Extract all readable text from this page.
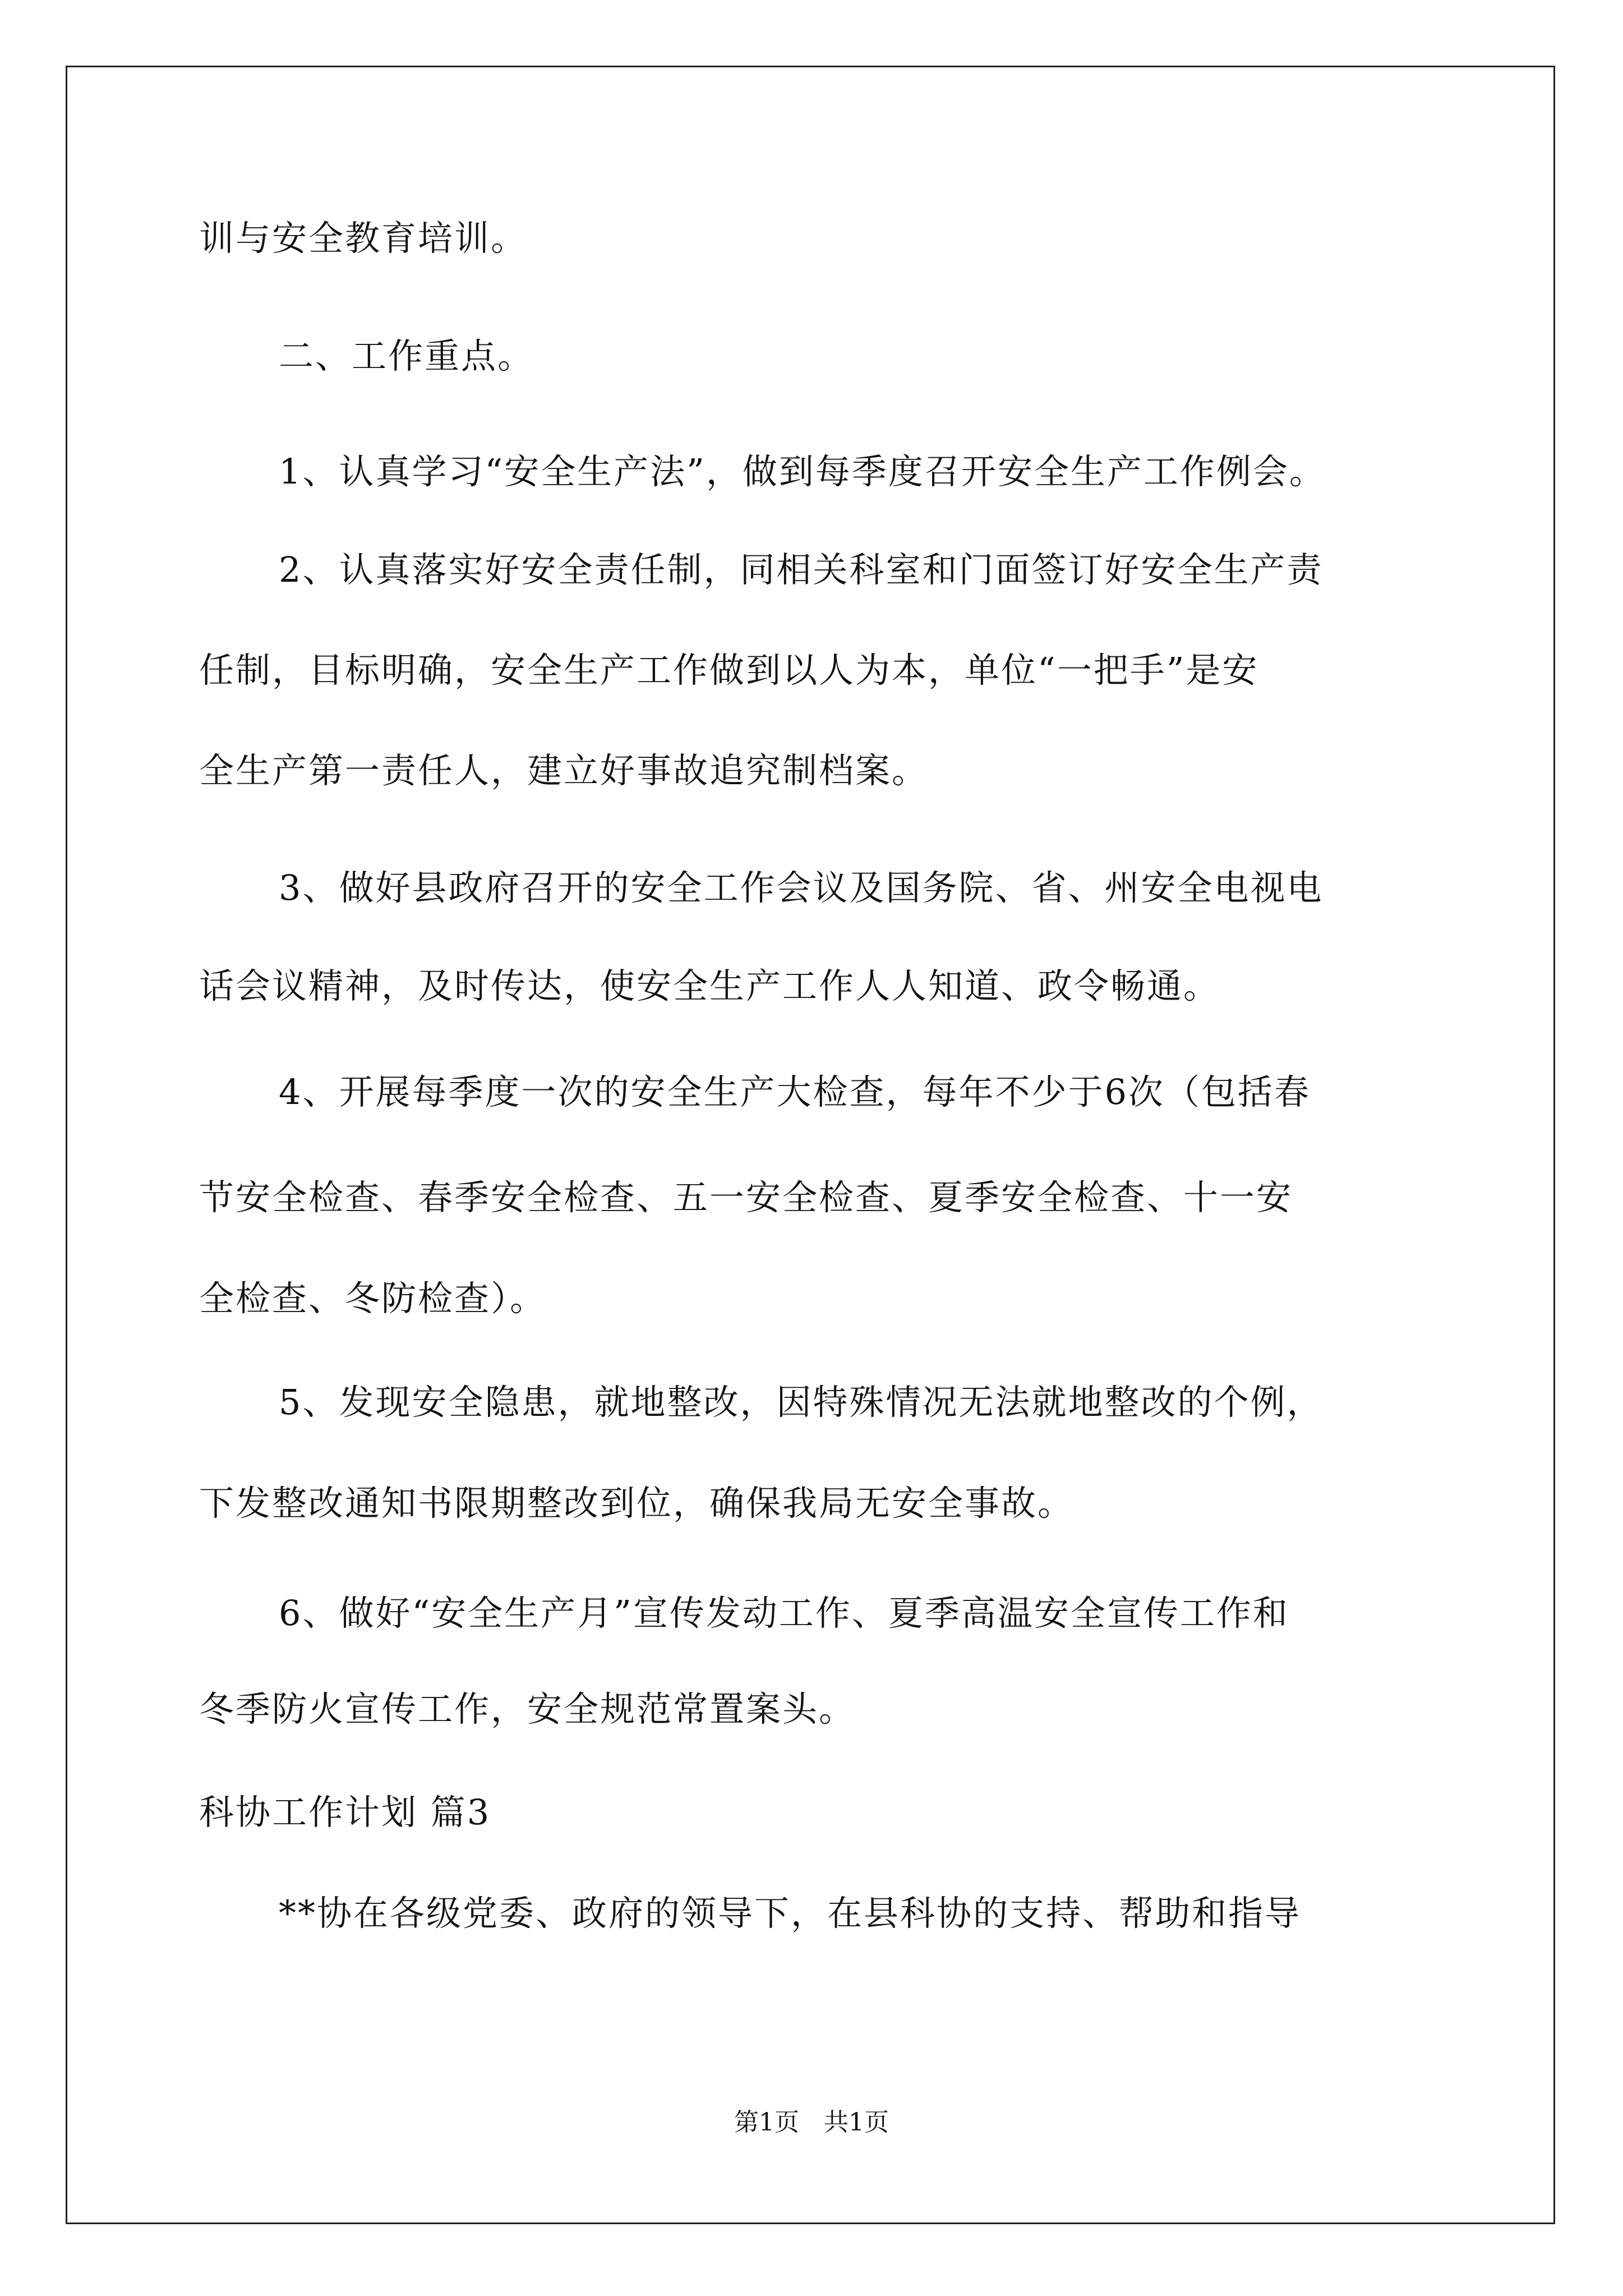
训与安全教育培训。
二、工作重点。
1、认真学习“安全生产法”，做到每季度召开安全生产工作例会。
2、认真落实好安全责任制，同相关科室和门面签订好安全生产责
任制，目标明确，安全生产工作做到以人为本，单位“一把手”是安
全生产第一责任人，建立好事故追究制档案。
3、做好县政府召开的安全工作会议及国务院、省、州安全电视电
话会议精神，及时传达，使安全生产工作人人知道、政令畅通。
4、开展每季度一次的安全生产大检查，每年不少于6次（包括春
节安全检查、春季安全检查、五一安全检查、夏季安全检查、十一安
全检查、冬防检查）。
5、发现安全隐患，就地整改，因特殊情况无法就地整改的个例，
下发整改通知书限期整改到位，确保我局无安全事故。
6、做好“安全生产月”宣传发动工作、夏季高温安全宣传工作和
冬季防火宣传工作，安全规范常置案头。
科协工作计划 篇3
**协在各级党委、政府的领导下，在县科协的支持、帮助和指导
第1页　共1页
